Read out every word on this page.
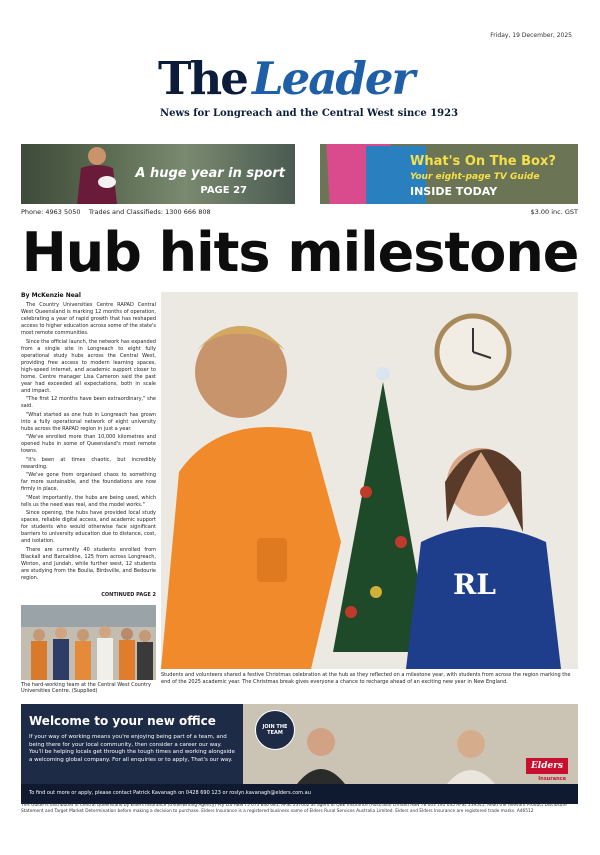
Friday, 19 December, 2025
The Leader
News for Longreach and the Central West since 1923
A huge year in sport
PAGE 27
What's On The Box?
Your eight-page TV Guide
INSIDE TODAY
Phone: 4963 5050 Trades and Classifieds: 1300 666 808	$3.00 inc. GST
Hub hits milestone
By McKenzie Neal

The Country Universities Centre RAPAD Central West Queensland is marking 12 months of operation, celebrating a year of rapid growth that has reshaped access to higher education across some of the state's most remote communities.

Since the official launch, the network has expanded from a single site in Longreach to eight fully operational study hubs across the Central West, providing free access to modern learning spaces, high-speed internet, and academic support closer to home. Centre manager Lisa Cameron said the past year had exceeded all expectations, both in scale and impact.

"The first 12 months have been extraordinary," she said.

"What started as one hub in Longreach has grown into a fully operational network of eight university hubs across the RAPAD region in just a year.

"We've enrolled more than 10,000 kilometres and opened hubs in some of Queensland's most remote towns.

"It's been at times chaotic, but incredibly rewarding.

"We've gone from organised chaos to something far more sustainable, and the foundations are now firmly in place.

"Most importantly, the hubs are being used, which tells us the need was real, and the model works."

Since opening, the hubs have provided local study spaces, reliable digital access, and academic support for students who would otherwise face significant barriers to university education due to distance, cost, and isolation.

There are currently 40 students enrolled from Blackall and Barcaldine, 125 from across Longreach, Winton, and Jundah, while further west, 12 students are studying from the Boulia, Birdsville, and Bedourie region.

CONTINUED PAGE 2
The hard-working team at the Central West Country Universities Centre. (Supplied)
RL
Students and volunteers shared a festive Christmas celebration at the hub as they reflected on a milestone year, with students from across the region marking the end of the 2025 academic year. The Christmas break gives everyone a chance to recharge ahead of an exciting new year in New England.
Welcome to your new office
If your way of working means you're enjoying being part of a team, and being there for your local community, then consider a career our way. You'll be helping locals get through the tough times and working alongside a welcoming global company. For all enquiries or to apply, That's our way.
JOIN THE TEAM
Elders
Insurance
To find out more or apply, please contact Patrick Kavanagh on 0428 690 123 or roslyn.kavanagh@elders.com.au
This Guide is distributed in Central Queensland by Elders Insurance (Underwriting Agency) Pty Ltd ABN 75 075 836 681, AFSL 237002 as agent of QBE Insurance (Australia) Limited ABN 78 003 191 035 AFSL 239545. Read the relevant Product Disclosure Statement and Target Market Determination before making a decision to purchase. Elders Insurance is a registered business name of Elders Rural Services Australia Limited. Elders and Elders Insurance are registered trade marks. A46512
